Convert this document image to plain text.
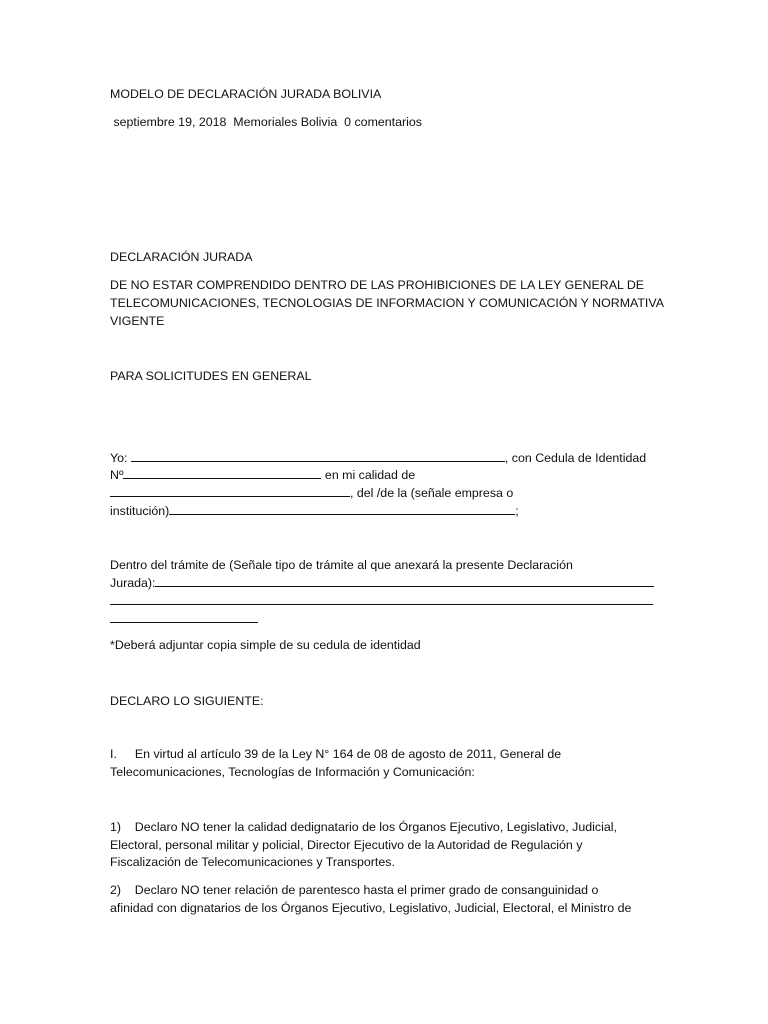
MODELO DE DECLARACIÓN JURADA BOLIVIA
septiembre 19, 2018  Memoriales Bolivia  0 comentarios
DECLARACIÓN JURADA
DE NO ESTAR COMPRENDIDO DENTRO DE LAS PROHIBICIONES DE LA LEY GENERAL DE
TELECOMUNICACIONES, TECNOLOGIAS DE INFORMACION Y COMUNICACIÓN Y NORMATIVA
VIGENTE
PARA SOLICITUDES EN GENERAL
Yo:	, con Cedula de Identidad
Nº	en mi calidad de
, del /de la (señale empresa o
institución)	;
Dentro del trámite de (Señale tipo de trámite al que anexará la presente Declaración
Jurada):
*Deberá adjuntar copia simple de su cedula de identidad
DECLARO LO SIGUIENTE:
I. En virtud al artículo 39 de la Ley N° 164 de 08 de agosto de 2011, General de
Telecomunicaciones, Tecnologías de Información y Comunicación:
1)    Declaro NO tener la calidad dedignatario de los Órganos Ejecutivo, Legislativo, Judicial,
Electoral, personal militar y policial, Director Ejecutivo de la Autoridad de Regulación y
Fiscalización de Telecomunicaciones y Transportes.
2)    Declaro NO tener relación de parentesco hasta el primer grado de consanguinidad o
afinidad con dignatarios de los Órganos Ejecutivo, Legislativo, Judicial, Electoral, el Ministro de
